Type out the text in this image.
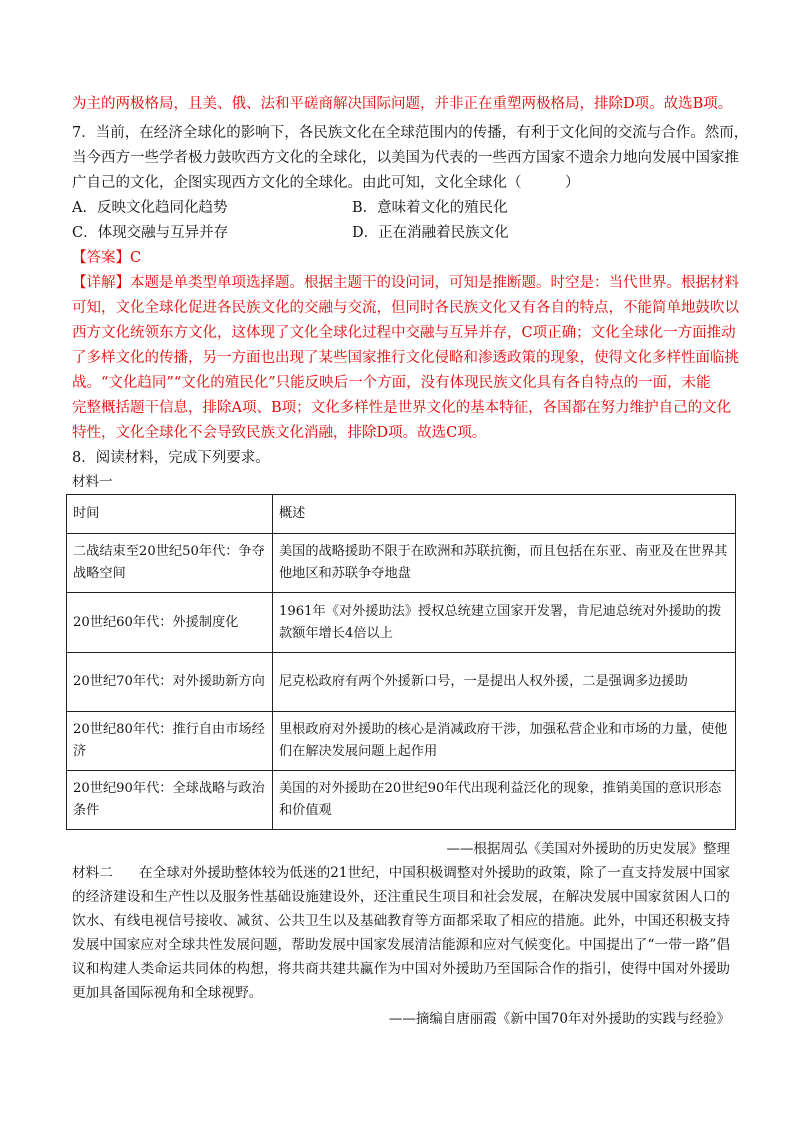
为主的两极格局，且美、俄、法和平磋商解决国际问题，并非正在重塑两极格局，排除D项。故选B项。
7．当前，在经济全球化的影响下，各民族文化在全球范围内的传播，有利于文化间的交流与合作。然而，
当今西方一些学者极力鼓吹西方文化的全球化，以美国为代表的一些西方国家不遗余力地向发展中国家推
广自己的文化，企图实现西方文化的全球化。由此可知，文化全球化（　　　）
A．反映文化趋同化趋势	B．意味着文化的殖民化
C．体现交融与互异并存	D．正在消融着民族文化
【答案】C
【详解】本题是单类型单项选择题。根据主题干的设问词，可知是推断题。时空是：当代世界。根据材料
可知，文化全球化促进各民族文化的交融与交流，但同时各民族文化又有各自的特点，不能简单地鼓吹以
西方文化统领东方文化，这体现了文化全球化过程中交融与互异并存，C项正确；文化全球化一方面推动
了多样文化的传播，另一方面也出现了某些国家推行文化侵略和渗透政策的现象，使得文化多样性面临挑
战。“文化趋同”“文化的殖民化”只能反映后一个方面，没有体现民族文化具有各自特点的一面，未能
完整概括题干信息，排除A项、B项；文化多样性是世界文化的基本特征，各国都在努力维护自己的文化
特性，文化全球化不会导致民族文化消融，排除D项。故选C项。
8．阅读材料，完成下列要求。
材料一
时间	概述
二战结束至20世纪50年代：争夺战略空间	美国的战略援助不限于在欧洲和苏联抗衡，而且包括在东亚、南亚及在世界其他地区和苏联争夺地盘
20世纪60年代：外援制度化	1961年《对外援助法》授权总统建立国家开发署，肯尼迪总统对外援助的拨款额年增长4倍以上
20世纪70年代：对外援助新方向	尼克松政府有两个外援新口号，一是提出人权外援，二是强调多边援助
20世纪80年代：推行自由市场经济	里根政府对外援助的核心是消减政府干涉，加强私营企业和市场的力量，使他们在解决发展问题上起作用
20世纪90年代：全球战略与政治条件	美国的对外援助在20世纪90年代出现利益泛化的现象，推销美国的意识形态和价值观
——根据周弘《美国对外援助的历史发展》整理

材料二 在全球对外援助整体较为低迷的21世纪，中国积极调整对外援助的政策，除了一直支持发展中国家的经济建设和生产性以及服务性基础设施建设外，还注重民生项目和社会发展，在解决发展中国家贫困人口的饮水、有线电视信号接收、减贫、公共卫生以及基础教育等方面都采取了相应的措施。此外，中国还积极支持发展中国家应对全球共性发展问题，帮助发展中国家发展清洁能源和应对气候变化。中国提出了“一带一路”倡议和构建人类命运共同体的构想，将共商共建共赢作为中国对外援助乃至国际合作的指引，使得中国对外援助更加具备国际视角和全球视野。

——摘编自唐丽霞《新中国70年对外援助的实践与经验》
